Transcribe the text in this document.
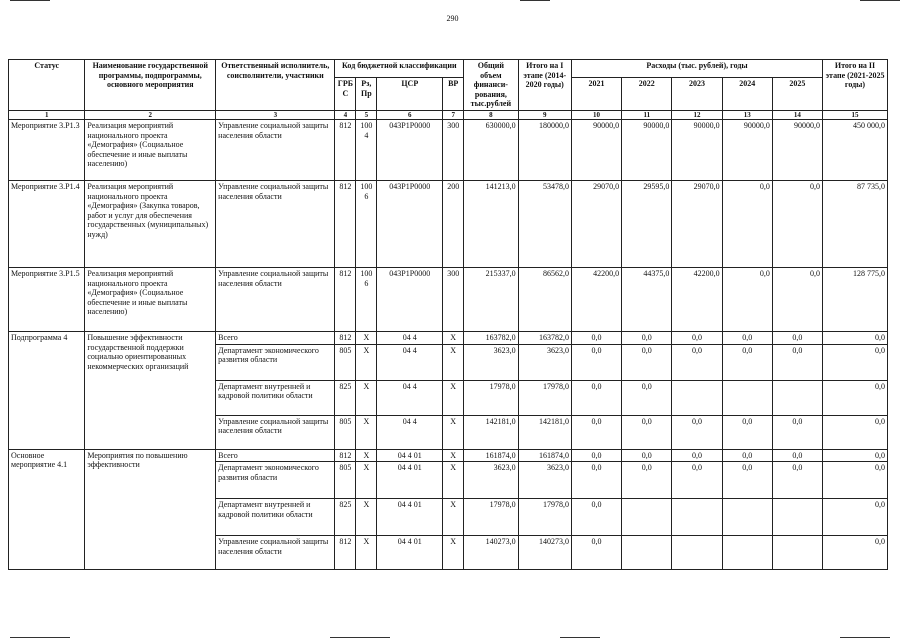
290
Статус	Наименование государственной программы, подпрограммы, основного мероприятия	Ответственный исполнитель, соисполнители, участники	Код бюджетной классификации				Общий объем финанси-рования, тыс.рублей	Итого на I этапе (2014-2020 годы)	Расходы (тыс. рублей), годы					Итого на II этапе (2021-2025 годы)
			ГРБС	Рз, Пр	ЦСР	ВР			2021	2022	2023	2024	2025	
1	2	3	4	5	6	7	8	9	10	11	12	13	14	15
Мероприятие 3.P1.3	Реализация мероприятий национального проекта «Демография» (Социальное обеспечение и иные выплаты населению)	Управление социальной защиты населения области	812	1004	043P1P0000	300	630000,0	180000,0	90000,0	90000,0	90000,0	90000,0	90000,0	450 000,0
Мероприятие 3.P1.4	Реализация мероприятий национального проекта «Демография» (Закупка товаров, работ и услуг для обеспечения государственных (муниципальных) нужд)	Управление социальной защиты населения области	812	1006	043P1P0000	200	141213,0	53478,0	29070,0	29595,0	29070,0	0,0	0,0	87 735,0
Мероприятие 3.P1.5	Реализация мероприятий национального проекта «Демография» (Социальное обеспечение и иные выплаты населению)	Управление социальной защиты населения области	812	1006	043P1P0000	300	215337,0	86562,0	42200,0	44375,0	42200,0	0,0	0,0	128 775,0
Подпрограмма 4	Повышение эффективности государственной поддержки социально ориентированных некоммерческих организаций	Всего	812	X	04 4	X	163782,0	163782,0	0,0	0,0	0,0	0,0	0,0	0,0
		Департамент экономического развития области	805	X	04 4	X	3623,0	3623,0	0,0	0,0	0,0	0,0	0,0	0,0
		Департамент внутренней и кадровой политики области	825	X	04 4	X	17978,0	17978,0	0,0	0,0				0,0
		Управление социальной защиты населения области	805	X	04 4	X	142181,0	142181,0	0,0	0,0	0,0	0,0	0,0	0,0
Основное мероприятие 4.1	Мероприятия по повышению эффективности	Всего	812	X	04 4 01	X	161874,0	161874,0	0,0	0,0	0,0	0,0	0,0	0,0
		Департамент экономического развития области	805	X	04 4 01	X	3623,0	3623,0	0,0	0,0	0,0	0,0	0,0	0,0
		Департамент внутренней и кадровой политики области	825	X	04 4 01	X	17978,0	17978,0	0,0					0,0
		Управление социальной защиты населения области	812	X	04 4 01	X	140273,0	140273,0	0,0					0,0
